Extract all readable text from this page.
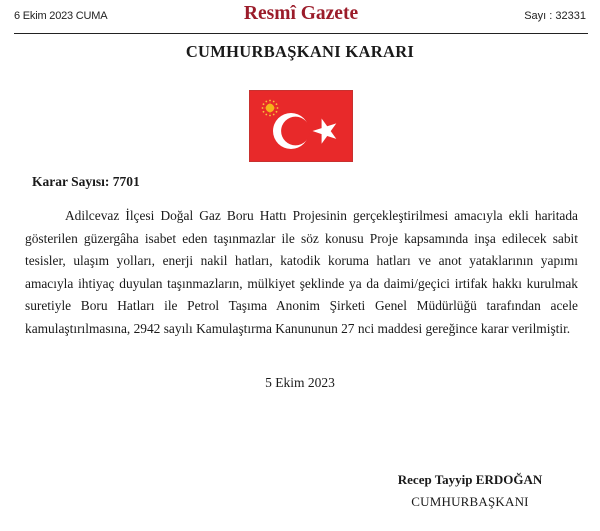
6 Ekim 2023 CUMA	Resmî Gazete	Sayı : 32331
CUMHURBAŞKANI KARARI
Karar Sayısı: 7701

Adilcevaz İlçesi Doğal Gaz Boru Hattı Projesinin gerçekleştirilmesi amacıyla ekli haritada gösterilen güzergâha isabet eden taşınmazlar ile söz konusu Proje kapsamında inşa edilecek sabit tesisler, ulaşım yolları, enerji nakil hatları, katodik koruma hatları ve anot yataklarının yapımı amacıyla ihtiyaç duyulan taşınmazların, mülkiyet şeklinde ya da daimi/geçici irtifak hakkı kurulmak suretiyle Boru Hatları ile Petrol Taşıma Anonim Şirketi Genel Müdürlüğü tarafından acele kamulaştırılmasına, 2942 sayılı Kamulaştırma Kanununun 27 nci maddesi gereğince karar verilmiştir.

5 Ekim 2023
Recep Tayyip ERDOĞAN
CUMHURBAŞKANI
